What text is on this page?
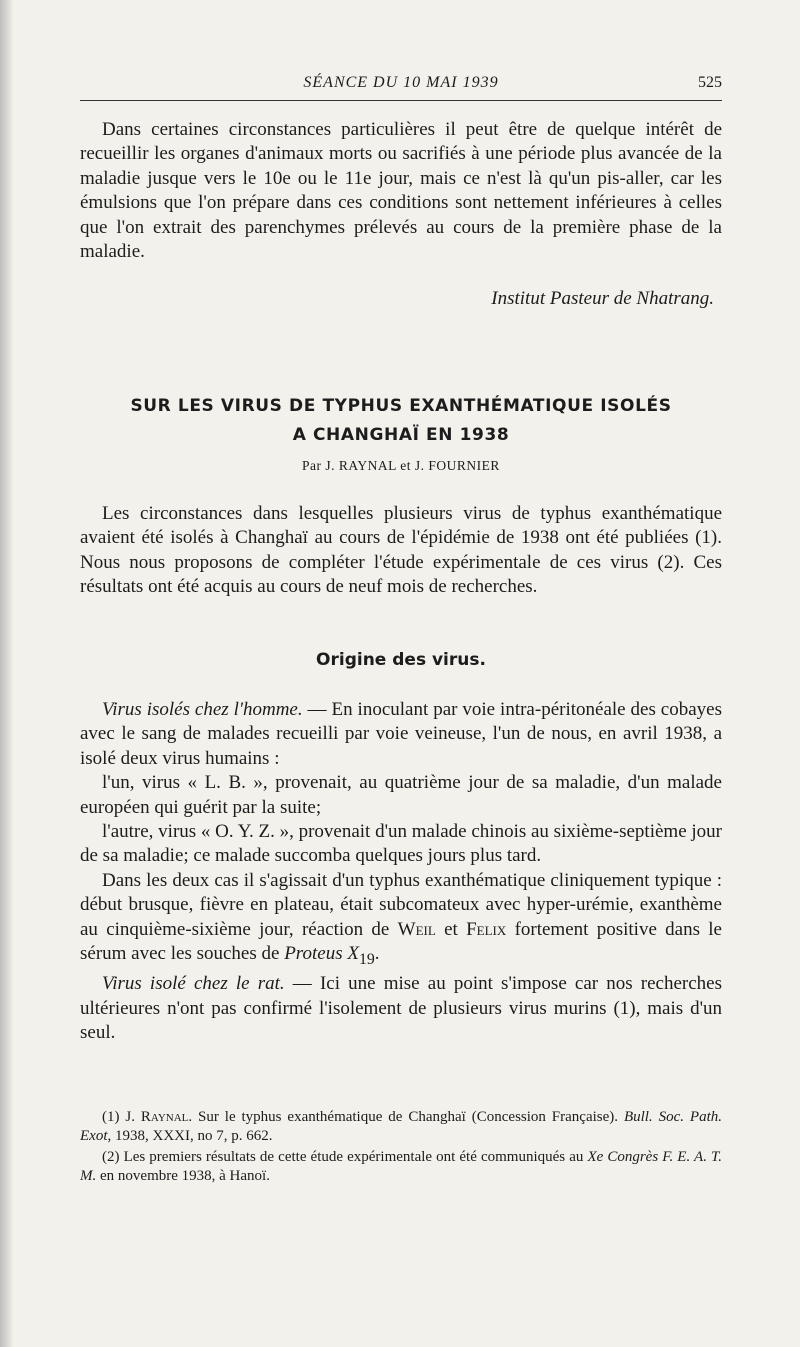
SÉANCE DU 10 MAI 1939	525

Dans certaines circonstances particulières il peut être de quelque intérêt de recueillir les organes d'animaux morts ou sacrifiés à une période plus avancée de la maladie jusque vers le 10e ou le 11e jour, mais ce n'est là qu'un pis-aller, car les émulsions que l'on prépare dans ces conditions sont nettement inférieures à celles que l'on extrait des parenchymes prélevés au cours de la première phase de la maladie.

Institut Pasteur de Nhatrang.
SUR LES VIRUS DE TYPHUS EXANTHÉMATIQUE ISOLÉS
A CHANGHAÏ EN 1938
Par J. RAYNAL et J. FOURNIER

Les circonstances dans lesquelles plusieurs virus de typhus exanthématique avaient été isolés à Changhaï au cours de l'épidémie de 1938 ont été publiées (1). Nous nous proposons de compléter l'étude expérimentale de ces virus (2). Ces résultats ont été acquis au cours de neuf mois de recherches.

Origine des virus.

Virus isolés chez l'homme. — En inoculant par voie intra-péritonéale des cobayes avec le sang de malades recueilli par voie veineuse, l'un de nous, en avril 1938, a isolé deux virus humains :

l'un, virus « L. B. », provenait, au quatrième jour de sa maladie, d'un malade européen qui guérit par la suite;

l'autre, virus « O. Y. Z. », provenait d'un malade chinois au sixième-septième jour de sa maladie; ce malade succomba quelques jours plus tard.

Dans les deux cas il s'agissait d'un typhus exanthématique cliniquement typique : début brusque, fièvre en plateau, était subcomateux avec hyper-urémie, exanthème au cinquième-sixième jour, réaction de Weil et Felix fortement positive dans le sérum avec les souches de Proteus $X_{19}$.

Virus isolé chez le rat. — Ici une mise au point s'impose car nos recherches ultérieures n'ont pas confirmé l'isolement de plusieurs virus murins (1), mais d'un seul.

(1) J. Raynal. Sur le typhus exanthématique de Changhaï (Concession Française). Bull. Soc. Path. Exot, 1938, XXXI, no 7, p. 662.

(2) Les premiers résultats de cette étude expérimentale ont été communiqués au Xe Congrès F. E. A. T. M. en novembre 1938, à Hanoï.
